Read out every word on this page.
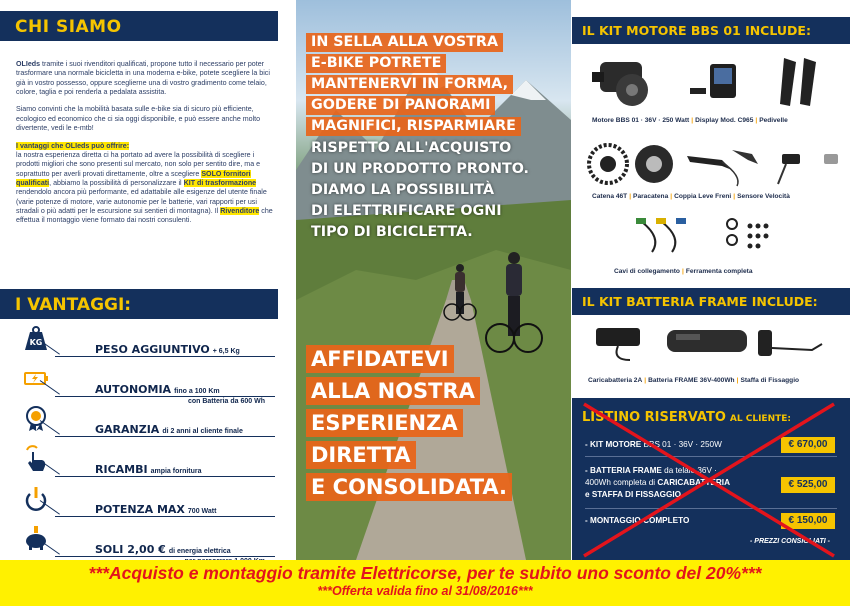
CHI SIAMO

OLIeds tramite i suoi rivenditori qualificati, propone tutto il necessario per poter trasformare una normale bicicletta in una moderna e-bike, potete scegliere la bici già in vostro possesso, oppure sceglierne una di vostro gradimento come telaio, colore, taglia e poi renderla a pedalata assistita.

Siamo convinti che la mobilità basata sulle e-bike sia di sicuro più efficiente, ecologico ed economico che ci sia oggi disponibile, e può essere anche molto divertente, vedi le e-mtb!

I vantaggi che OLIeds può offrire:
la nostra esperienza diretta ci ha portato ad avere la possibilità di scegliere i prodotti migliori che sono presenti sul mercato, non solo per sentito dire, ma e soprattutto per averli provati direttamente, oltre a scegliere SOLO fornitori qualificati, abbiamo la possibilità di personalizzare il KIT di trasformazione rendendolo ancora più performante, ed adattabile alle esigenze del utente finale (varie potenze di motore, varie autonomie per le batterie, vari rapporti per usi stradali o più adatti per le escursione sui sentieri di montagna). Il Rivenditore che effettua il montaggio viene formato dai nostri consulenti.

I VANTAGGI:
KG
PESO AGGIUNTIVO + 6,5 Kg
AUTONOMIA fino a 100 Km
con Batteria da 600 Wh
GARANZIA di 2 anni al cliente finale
RICAMBI ampia fornitura
POTENZA MAX 700 Watt
SOLI 2,00 € di energia elettrica
IN SELLA ALLA VOSTRA
E-BIKE POTRETE
MANTENERVI IN FORMA,
GODERE DI PANORAMI
MAGNIFICI, RISPARMIARE
RISPETTO ALL'ACQUISTO
DI UN PRODOTTO PRONTO.
DIAMO LA POSSIBILITÀ
DI ELETTRIFICARE OGNI
TIPO DI BICICLETTA.
AFFIDATEVI
ALLA NOSTRA
ESPERIENZA
DIRETTA
E CONSOLIDATA.
IL KIT MOTORE BBS 01 INCLUDE:
Motore BBS 01 · 36V · 250 Watt | Display Mod. C965 | Pedivelle
Catena 46T | Paracatena | Coppia Leve Freni | Sensore Velocità
Cavi di collegamento | Ferramenta completa
IL KIT BATTERIA FRAME INCLUDE:
Caricabatteria 2A | Batteria FRAME 36V-400Wh | Staffa di Fissaggio
LISTINO RISERVATO AL CLIENTE:
- KIT MOTORE BBS 01 · 36V · 250W	€ 670,00
- BATTERIA FRAME da telaio 36V ·
400Wh completa di CARICABATTERIA
e STAFFA DI FISSAGGIO
€ 525,00
- MONTAGGIO COMPLETO	€ 150,00
- PREZZI CONSIGLIATI -
***Acquisto e montaggio tramite Elettricorse, per te subito uno sconto del 20%***
***Offerta valida fino al 31/08/2016***
